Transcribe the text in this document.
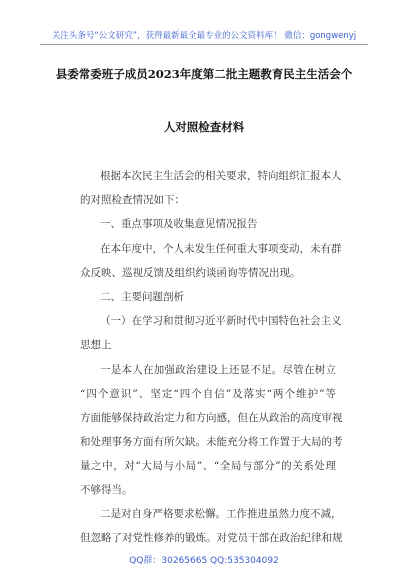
关注头条号“公文研究”，获得最新最全最专业的公文资料库！ 微信：gongwenyj
县委常委班子成员2023年度第二批主题教育民主生活会个
人对照检查材料
根据本次民主生活会的相关要求，特向组织汇报本人
的对照检查情况如下：
一、重点事项及收集意见情况报告
在本年度中，个人未发生任何重大事项变动，未有群
众反映、巡视反馈及组织约谈函询等情况出现。
二、主要问题剖析
（一）在学习和贯彻习近平新时代中国特色社会主义
思想上
一是本人在加强政治建设上还显不足。尽管在树立
“四个意识”、坚定“四个自信”及落实“两个维护”等
方面能够保持政治定力和方向感，但在从政治的高度审视
和处理事务方面有所欠缺。未能充分将工作置于大局的考
量之中，对“大局与小局”、“全局与部分”的关系处理
不够得当。
二是对自身严格要求松懈。工作推进虽然力度不减，
但忽略了对党性修养的锻炼。对党员干部在政治纪律和规
QQ群：30265665 QQ:535304092
